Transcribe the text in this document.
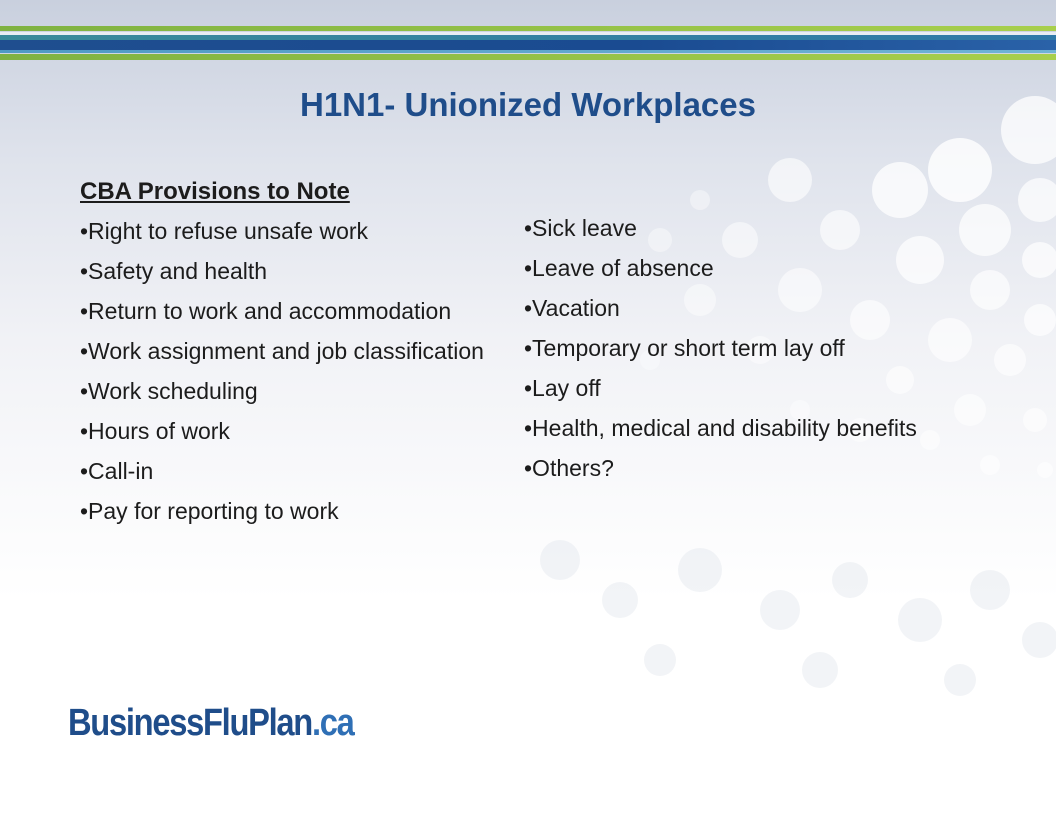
H1N1- Unionized Workplaces
CBA Provisions to Note
•Right to refuse unsafe work
•Safety and health
•Return to work and accommodation
•Work assignment and job classification
•Work scheduling
•Hours of work
•Call-in
•Pay for reporting to work
•Sick leave
•Leave of absence
•Vacation
•Temporary or short term lay off
•Lay off
•Health, medical and disability benefits
•Others?
BusinessFluPlan.ca
